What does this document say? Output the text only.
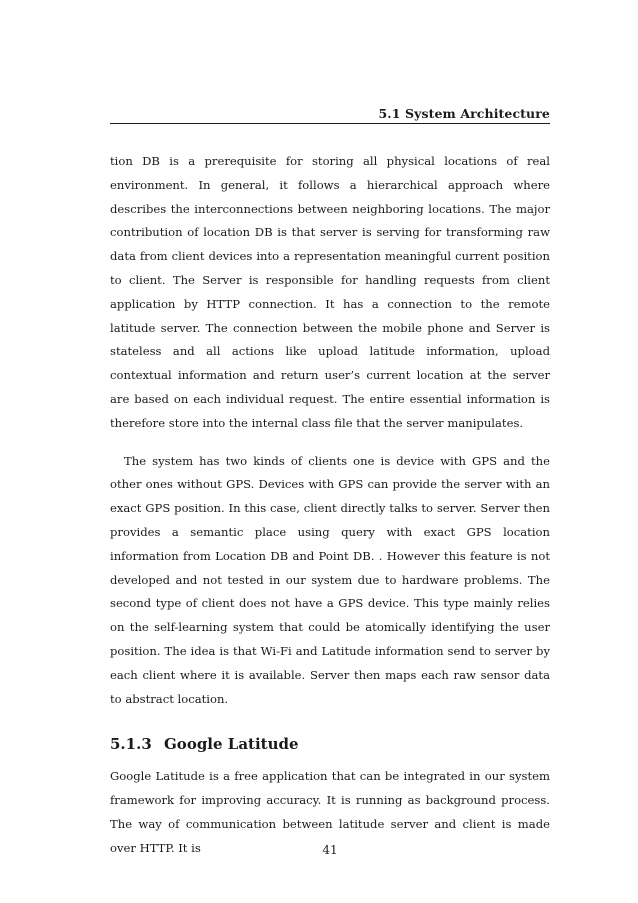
5.1 System Architecture

tion DB is a prerequisite for storing all physical locations of real environment. In general, it follows a hierarchical approach where describes the interconnections between neighboring locations. The major contribution of location DB is that server is serving for transforming raw data from client devices into a representation meaningful current position to client. The Server is responsible for handling requests from client application by HTTP connection. It has a connection to the remote latitude server. The connection between the mobile phone and Server is stateless and all actions like upload latitude information, upload contextual information and return user’s current location at the server are based on each individual request. The entire essential information is therefore store into the internal class file that the server manipulates.

The system has two kinds of clients one is device with GPS and the other ones without GPS. Devices with GPS can provide the server with an exact GPS position. In this case, client directly talks to server. Server then provides a semantic place using query with exact GPS location information from Location DB and Point DB. . However this feature is not developed and not tested in our system due to hardware problems. The second type of client does not have a GPS device. This type mainly relies on the self-learning system that could be atomically identifying the user position. The idea is that Wi-Fi and Latitude information send to server by each client where it is available. Server then maps each raw sensor data to abstract location.

5.1.3 Google Latitude

Google Latitude is a free application that can be integrated in our system framework for improving accuracy. It is running as background process. The way of communication between latitude server and client is made over HTTP. It is	41
